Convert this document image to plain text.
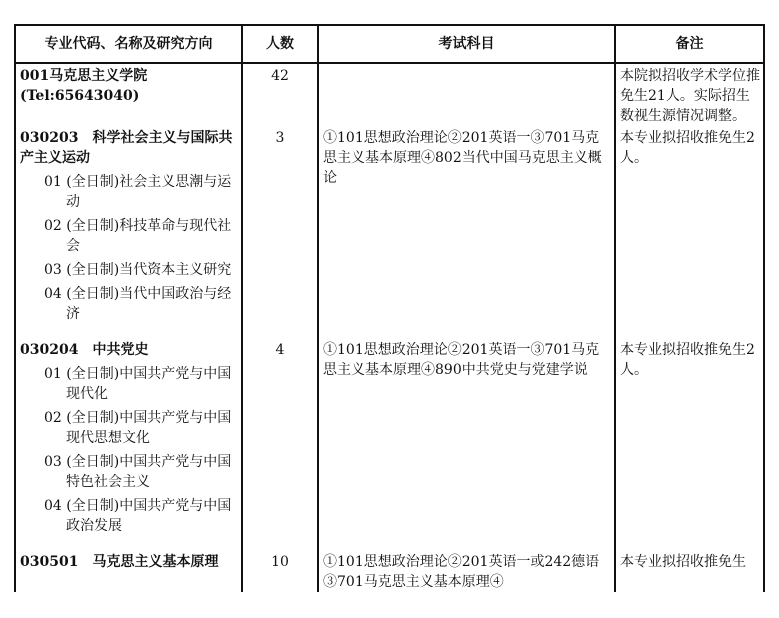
专业代码、名称及研究方向	人数	考试科目	备注

001马克思主义学院
(Tel:65643040)	42		本院拟招收学术学位推免生21人。实际招生数视生源情况调整。

030203 科学社会主义与国际共产主义运动
01 (全日制)社会主义思潮与运动
02 (全日制)科技革命与现代社会
03 (全日制)当代资本主义研究
04 (全日制)当代中国政治与经济	3	①101思想政治理论②201英语一③701马克思主义基本原理④802当代中国马克思主义概论	本专业拟招收推免生2人。

030204 中共党史
01 (全日制)中国共产党与中国现代化
02 (全日制)中国共产党与中国现代思想文化
03 (全日制)中国共产党与中国特色社会主义
04 (全日制)中国共产党与中国政治发展	4	①101思想政治理论②201英语一③701马克思主义基本原理④890中共党史与党建学说	本专业拟招收推免生2人。

030501 马克思主义基本原理	10	①101思想政治理论②201英语一或242德语③701马克思主义基本原理④	本专业拟招收推免生
